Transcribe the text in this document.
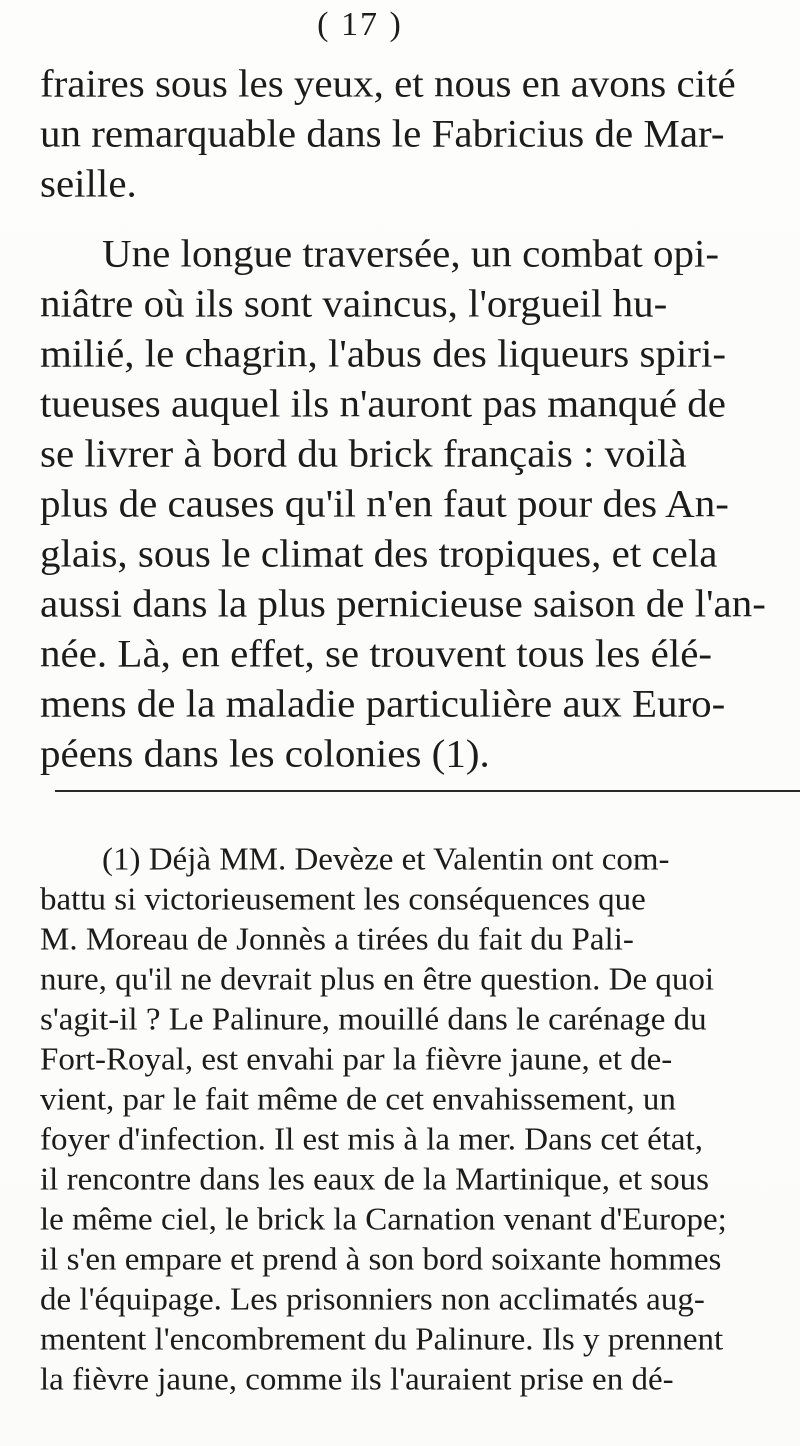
( 17 )
fraires sous les yeux, et nous en avons cité
un remarquable dans le Fabricius de Mar-
seille.
Une longue traversée, un combat opi-
niâtre où ils sont vaincus, l'orgueil hu-
milié, le chagrin, l'abus des liqueurs spiri-
tueuses auquel ils n'auront pas manqué de
se livrer à bord du brick français : voilà
plus de causes qu'il n'en faut pour des An-
glais, sous le climat des tropiques, et cela
aussi dans la plus pernicieuse saison de l'an-
née. Là, en effet, se trouvent tous les élé-
mens de la maladie particulière aux Euro-
péens dans les colonies (1).
(1) Déjà MM. Devèze et Valentin ont com-
battu si victorieusement les conséquences que
M. Moreau de Jonnès a tirées du fait du Pali-
nure, qu'il ne devrait plus en être question. De quoi
s'agit-il ? Le Palinure, mouillé dans le carénage du
Fort-Royal, est envahi par la fièvre jaune, et de-
vient, par le fait même de cet envahissement, un
foyer d'infection. Il est mis à la mer. Dans cet état,
il rencontre dans les eaux de la Martinique, et sous
le même ciel, le brick la Carnation venant d'Europe;
il s'en empare et prend à son bord soixante hommes
de l'équipage. Les prisonniers non acclimatés aug-
mentent l'encombrement du Palinure. Ils y prennent
la fièvre jaune, comme ils l'auraient prise en dé-
